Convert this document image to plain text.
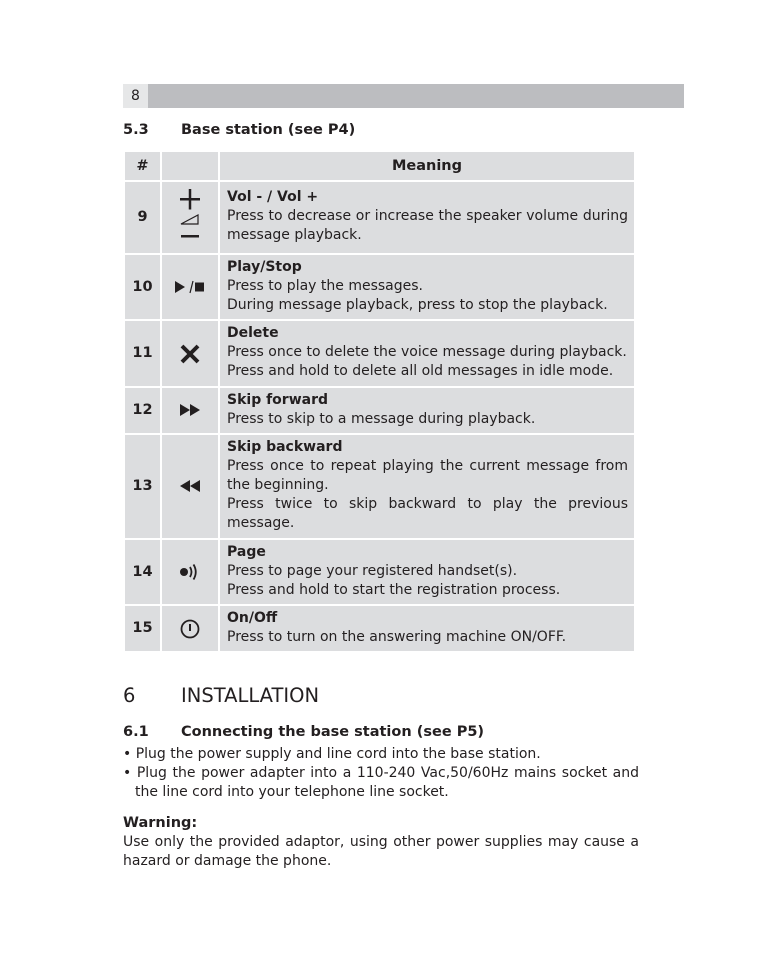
8
5.3 Base station (see P4)
#		Meaning
9		Vol - / Vol +
Press to decrease or increase the speaker volume during message playback.

10		Play/Stop
Press to play the messages.
During message playback, press to stop the playback.

11		Delete
Press once to delete the voice message during playback.
Press and hold to delete all old messages in idle mode.

12		Skip forward
Press to skip to a message during playback.

13		Skip backward
Press once to repeat playing the current message from the beginning.
Press twice to skip backward to play the previous message.

14		Page
Press to page your registered handset(s).
Press and hold to start the registration process.

15		On/Off
Press to turn on the answering machine ON/OFF.
6 INSTALLATION
6.1 Connecting the base station (see P5)
• Plug the power supply and line cord into the base station.
• Plug the power adapter into a 110-240 Vac,50/60Hz mains socket and the line cord into your telephone line socket.
Warning:
Use only the provided adaptor, using other power supplies may cause a hazard or damage the phone.
